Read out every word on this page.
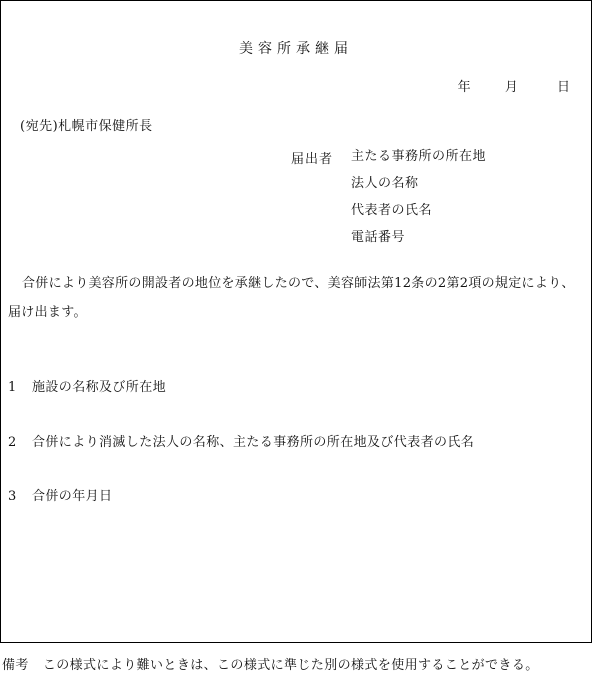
美容所承継届
年	月	日
(宛先)札幌市保健所長
届出者 主たる事務所の所在地
法人の名称
代表者の氏名
電話番号
合併により美容所の開設者の地位を承継したので、美容師法第12条の2第2項の規定により、届け出ます。
1 施設の名称及び所在地
2 合併により消滅した法人の名称、主たる事務所の所在地及び代表者の氏名
3 合併の年月日
備考 この様式により難いときは、この様式に準じた別の様式を使用することができる。
